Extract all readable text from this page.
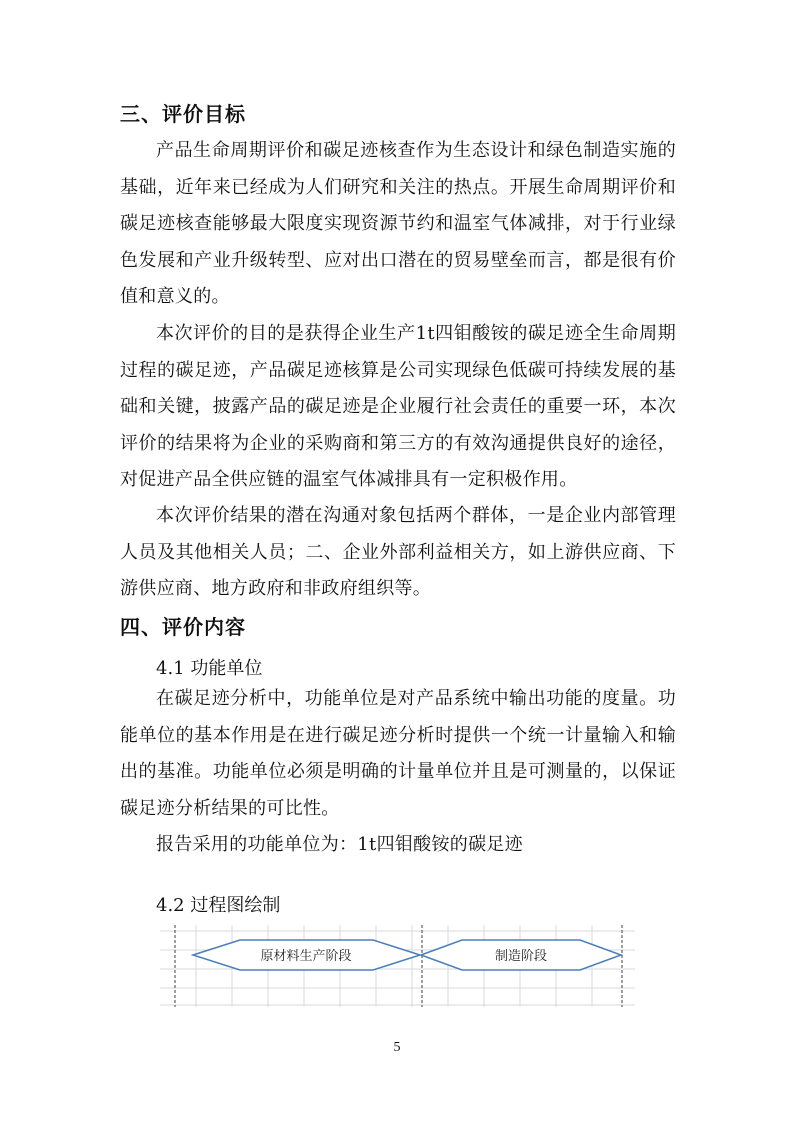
三、评价目标

产品生命周期评价和碳足迹核查作为生态设计和绿色制造实施的基础，近年来已经成为人们研究和关注的热点。开展生命周期评价和碳足迹核查能够最大限度实现资源节约和温室气体减排，对于行业绿色发展和产业升级转型、应对出口潜在的贸易壁垒而言，都是很有价值和意义的。

本次评价的目的是获得企业生产1t四钼酸铵的碳足迹全生命周期过程的碳足迹，产品碳足迹核算是公司实现绿色低碳可持续发展的基础和关键，披露产品的碳足迹是企业履行社会责任的重要一环，本次评价的结果将为企业的采购商和第三方的有效沟通提供良好的途径，对促进产品全供应链的温室气体减排具有一定积极作用。

本次评价结果的潜在沟通对象包括两个群体，一是企业内部管理人员及其他相关人员；二、企业外部利益相关方，如上游供应商、下游供应商、地方政府和非政府组织等。

四、评价内容

4.1 功能单位

在碳足迹分析中，功能单位是对产品系统中输出功能的度量。功能单位的基本作用是在进行碳足迹分析时提供一个统一计量输入和输出的基准。功能单位必须是明确的计量单位并且是可测量的，以保证碳足迹分析结果的可比性。

报告采用的功能单位为：1t四钼酸铵的碳足迹

4.2 过程图绘制

原材料生产阶段	制造阶段
5
